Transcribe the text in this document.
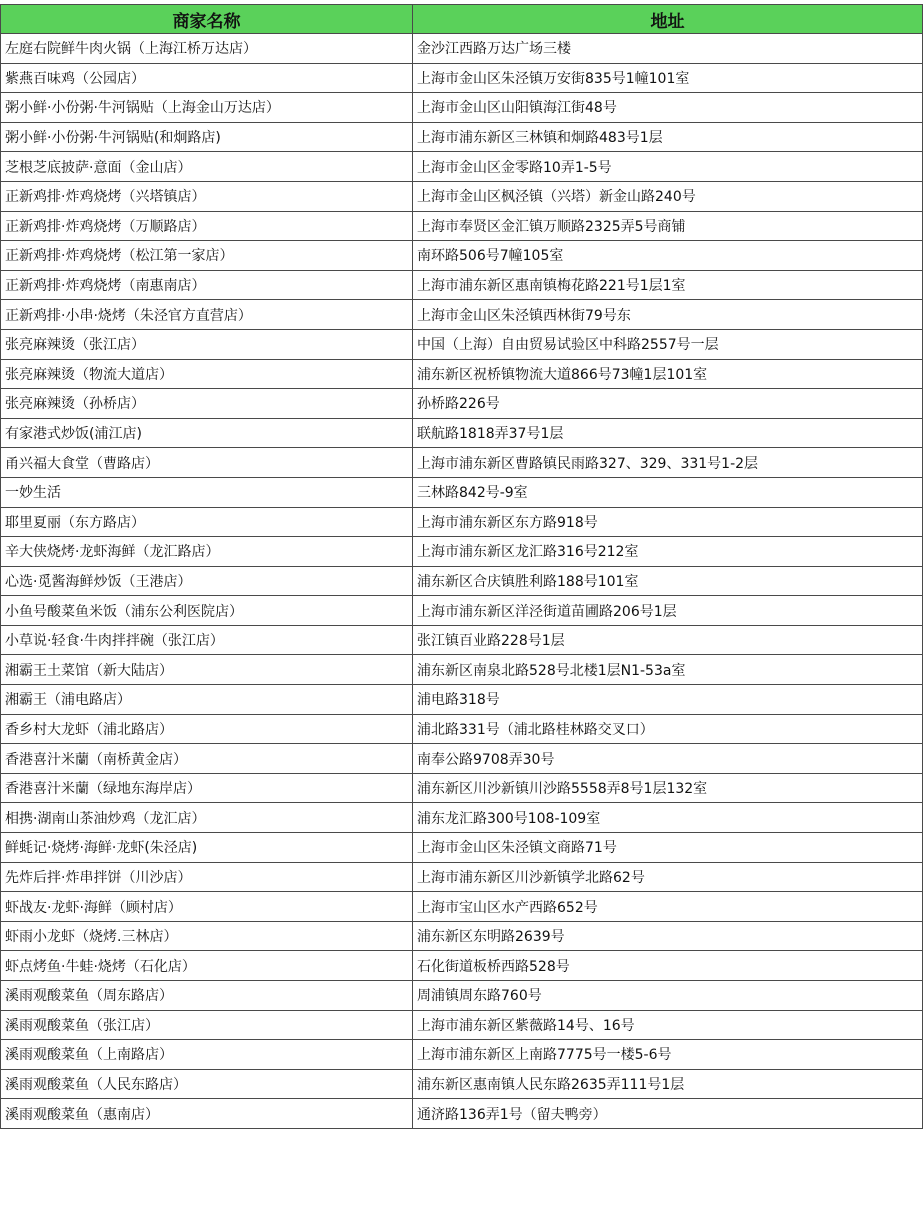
商家名称	地址
左庭右院鲜牛肉火锅（上海江桥万达店）	金沙江西路万达广场三楼
紫燕百味鸡（公园店）	上海市金山区朱泾镇万安街835号1幢101室
粥小鲜·小份粥·牛河锅贴（上海金山万达店）	上海市金山区山阳镇海江街48号
粥小鲜·小份粥·牛河锅贴(和炯路店)	上海市浦东新区三林镇和炯路483号1层
芝根芝底披萨·意面（金山店）	上海市金山区金零路10弄1-5号
正新鸡排·炸鸡烧烤（兴塔镇店）	上海市金山区枫泾镇（兴塔）新金山路240号
正新鸡排·炸鸡烧烤（万顺路店）	上海市奉贤区金汇镇万顺路2325弄5号商铺
正新鸡排·炸鸡烧烤（松江第一家店）	南环路506号7幢105室
正新鸡排·炸鸡烧烤（南惠南店）	上海市浦东新区惠南镇梅花路221号1层1室
正新鸡排·小串·烧烤（朱泾官方直营店）	上海市金山区朱泾镇西林街79号东
张亮麻辣烫（张江店）	中国（上海）自由贸易试验区中科路2557号一层
张亮麻辣烫（物流大道店）	浦东新区祝桥镇物流大道866号73幢1层101室
张亮麻辣烫（孙桥店）	孙桥路226号
有家港式炒饭(浦江店)	联航路1818弄37号1层
甬兴福大食堂（曹路店）	上海市浦东新区曹路镇民雨路327、329、331号1-2层
一妙生活	三林路842号-9室
耶里夏丽（东方路店）	上海市浦东新区东方路918号
辛大侠烧烤·龙虾海鲜（龙汇路店）	上海市浦东新区龙汇路316号212室
心选·觅酱海鲜炒饭（王港店）	浦东新区合庆镇胜利路188号101室
小鱼号酸菜鱼米饭（浦东公利医院店）	上海市浦东新区洋泾街道苗圃路206号1层
小草说·轻食·牛肉拌拌碗（张江店）	张江镇百业路228号1层
湘霸王土菜馆（新大陆店）	浦东新区南泉北路528号北楼1层N1-53a室
湘霸王（浦电路店）	浦电路318号
香乡村大龙虾（浦北路店）	浦北路331号（浦北路桂林路交叉口）
香港喜汁米蘭（南桥黄金店）	南奉公路9708弄30号
香港喜汁米蘭（绿地东海岸店）	浦东新区川沙新镇川沙路5558弄8号1层132室
相携·湖南山茶油炒鸡（龙汇店）	浦东龙汇路300号108-109室
鲜蚝记·烧烤·海鲜·龙虾(朱泾店)	上海市金山区朱泾镇文商路71号
先炸后拌·炸串拌饼（川沙店）	上海市浦东新区川沙新镇学北路62号
虾战友·龙虾·海鲜（顾村店）	上海市宝山区水产西路652号
虾雨小龙虾（烧烤.三林店）	浦东新区东明路2639号
虾点烤鱼·牛蛙·烧烤（石化店）	石化街道板桥西路528号
溪雨观酸菜鱼（周东路店）	周浦镇周东路760号
溪雨观酸菜鱼（张江店）	上海市浦东新区紫薇路14号、16号
溪雨观酸菜鱼（上南路店）	上海市浦东新区上南路7775号一楼5-6号
溪雨观酸菜鱼（人民东路店）	浦东新区惠南镇人民东路2635弄111号1层
溪雨观酸菜鱼（惠南店）	通济路136弄1号（留夫鸭旁）
